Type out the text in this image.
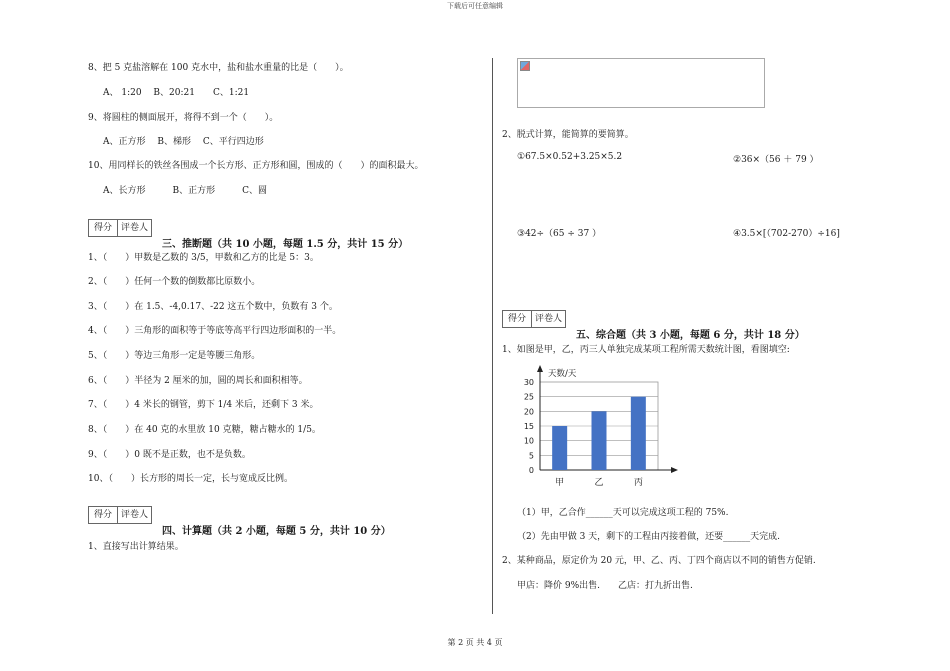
下载后可任意编辑
8、把 5 克盐溶解在 100 克水中，盐和盐水重量的比是（　　）。
A、 1:20　 B、20:21　　C、1:21
9、将圆柱的侧面展开，将得不到一个（　　）。
A、正方形　 B、梯形　 C、平行四边形
10、用同样长的铁丝各围成一个长方形、正方形和圆，围成的（　　）的面积最大。
A、长方形　　　B、正方形　　　C、圆
得分 评卷人
三、推断题（共 10 小题，每题 1.5 分，共计 15 分）
1、（　　）甲数是乙数的 3/5，甲数和乙方的比是 5：3。
2、（　　）任何一个数的倒数都比原数小。
3、（　　）在 1.5、-4,0.17、-22 这五个数中，负数有 3 个。
4、（　　）三角形的面积等于等底等高平行四边形面积的一半。
5、（　　）等边三角形一定是等腰三角形。
6、（　　）半径为 2 厘米的加，圆的周长和面积相等。
7、（　　）4 米长的钢管，剪下 1/4 米后，还剩下 3 米。
8、（　　）在 40 克的水里放 10 克糖，糖占糖水的 1/5。
9、（　　）0 既不是正数，也不是负数。
10、（　　）长方形的周长一定，长与宽成反比例。
得分 评卷人
四、计算题（共 2 小题，每题 5 分，共计 10 分）
1、直接写出计算结果。
2、脱式计算，能简算的要简算。
①67.5×0.52+3.25×5.2	②36×（56 ＋ 79 ）
③42÷（65 ÷ 37 ）	④3.5×[（702-270）÷16]
得分 评卷人
五、综合题（共 3 小题，每题 6 分，共计 18 分）
1、如图是甲，乙，丙三人单独完成某项工程所需天数统计图，看图填空:
0
5
10
15
20
25
30
天数/天
甲	乙	丙
（1）甲，乙合作______天可以完成这项工程的 75%.
（2）先由甲做 3 天，剩下的工程由丙接着做，还要______天完成.
2、某种商品，原定价为 20 元，甲、乙、丙、丁四个商店以不同的销售方促销.
甲店：降价 9%出售.　　乙店：打九折出售.
第 2 页 共 4 页
